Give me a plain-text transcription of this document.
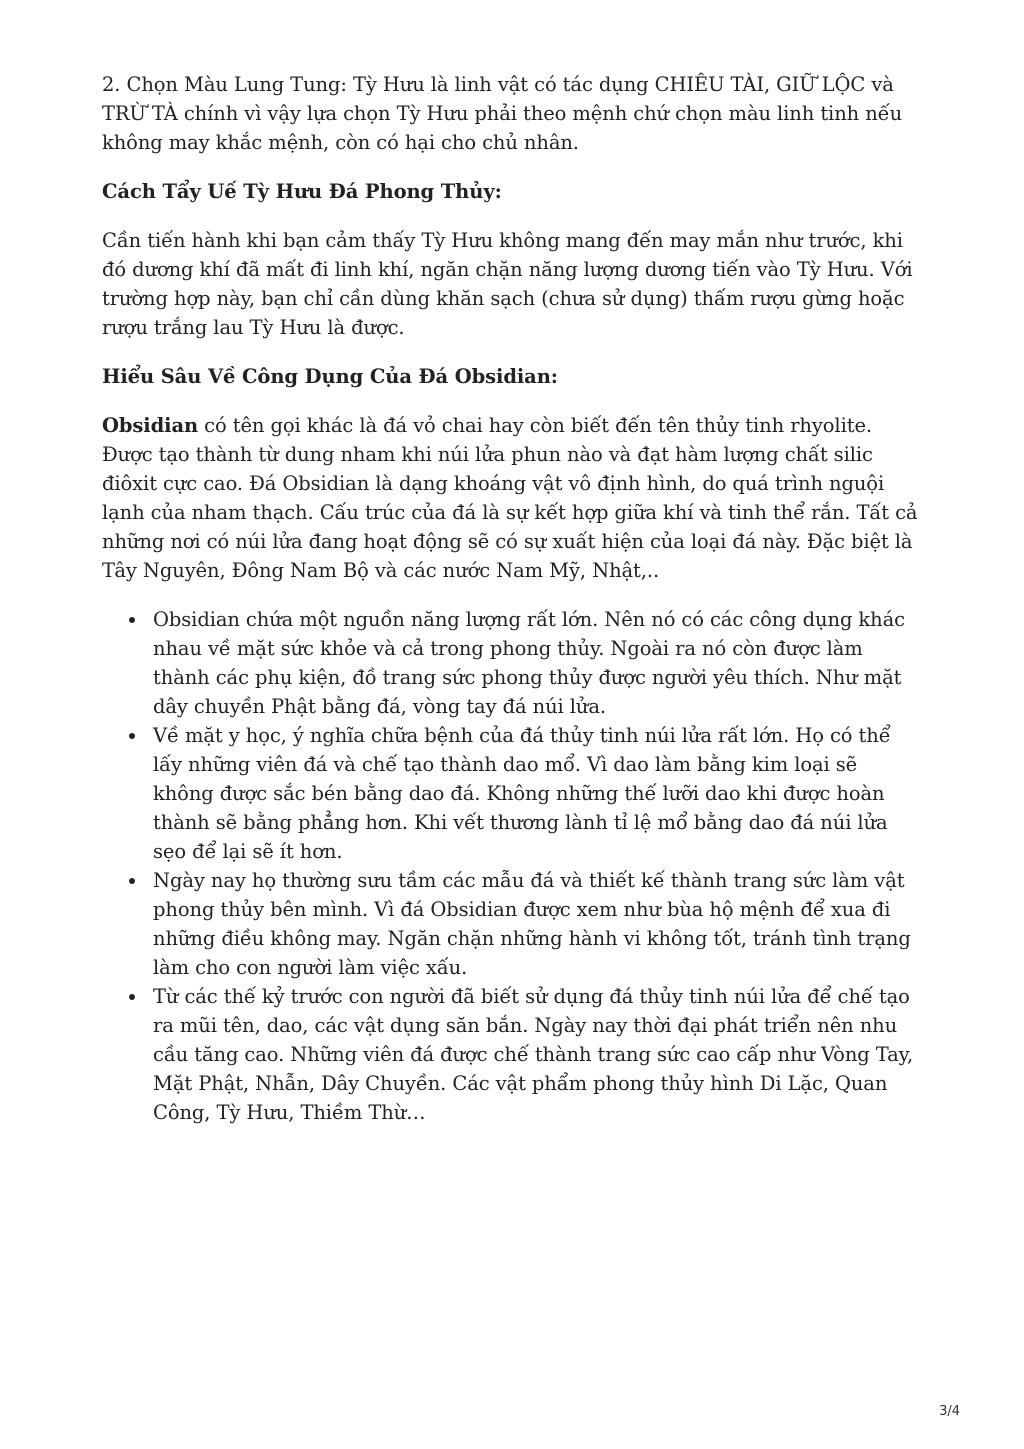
2. Chọn Màu Lung Tung: Tỳ Hưu là linh vật có tác dụng CHIÊU TÀI, GIỮ LỘC và TRỪ TÀ chính vì vậy lựa chọn Tỳ Hưu phải theo mệnh chứ chọn màu linh tinh nếu không may khắc mệnh, còn có hại cho chủ nhân.

Cách Tẩy Uế Tỳ Hưu Đá Phong Thủy:

Cần tiến hành khi bạn cảm thấy Tỳ Hưu không mang đến may mắn như trước, khi đó dương khí đã mất đi linh khí, ngăn chặn năng lượng dương tiến vào Tỳ Hưu. Với trường hợp này, bạn chỉ cần dùng khăn sạch (chưa sử dụng) thấm rượu gừng hoặc rượu trắng lau Tỳ Hưu là được.

Hiểu Sâu Về Công Dụng Của Đá Obsidian:

Obsidian có tên gọi khác là đá vỏ chai hay còn biết đến tên thủy tinh rhyolite. Được tạo thành từ dung nham khi núi lửa phun nào và đạt hàm lượng chất silic điôxit cực cao. Đá Obsidian là dạng khoáng vật vô định hình, do quá trình nguội lạnh của nham thạch. Cấu trúc của đá là sự kết hợp giữa khí và tinh thể rắn. Tất cả những nơi có núi lửa đang hoạt động sẽ có sự xuất hiện của loại đá này. Đặc biệt là Tây Nguyên, Đông Nam Bộ và các nước Nam Mỹ, Nhật,..

Obsidian chứa một nguồn năng lượng rất lớn. Nên nó có các công dụng khác nhau về mặt sức khỏe và cả trong phong thủy. Ngoài ra nó còn được làm thành các phụ kiện, đồ trang sức phong thủy được người yêu thích. Như mặt dây chuyền Phật bằng đá, vòng tay đá núi lửa.
Về mặt y học, ý nghĩa chữa bệnh của đá thủy tinh núi lửa rất lớn. Họ có thể lấy những viên đá và chế tạo thành dao mổ. Vì dao làm bằng kim loại sẽ không được sắc bén bằng dao đá. Không những thế lưỡi dao khi được hoàn thành sẽ bằng phẳng hơn. Khi vết thương lành tỉ lệ mổ bằng dao đá núi lửa sẹo để lại sẽ ít hơn.
Ngày nay họ thường sưu tầm các mẫu đá và thiết kế thành trang sức làm vật phong thủy bên mình. Vì đá Obsidian được xem như bùa hộ mệnh để xua đi những điều không may. Ngăn chặn những hành vi không tốt, tránh tình trạng làm cho con người làm việc xấu.
Từ các thế kỷ trước con người đã biết sử dụng đá thủy tinh núi lửa để chế tạo ra mũi tên, dao, các vật dụng săn bắn. Ngày nay thời đại phát triển nên nhu cầu tăng cao. Những viên đá được chế thành trang sức cao cấp như Vòng Tay, Mặt Phật, Nhẫn, Dây Chuyền. Các vật phẩm phong thủy hình Di Lặc, Quan Công, Tỳ Hưu, Thiềm Thừ…
3/4
